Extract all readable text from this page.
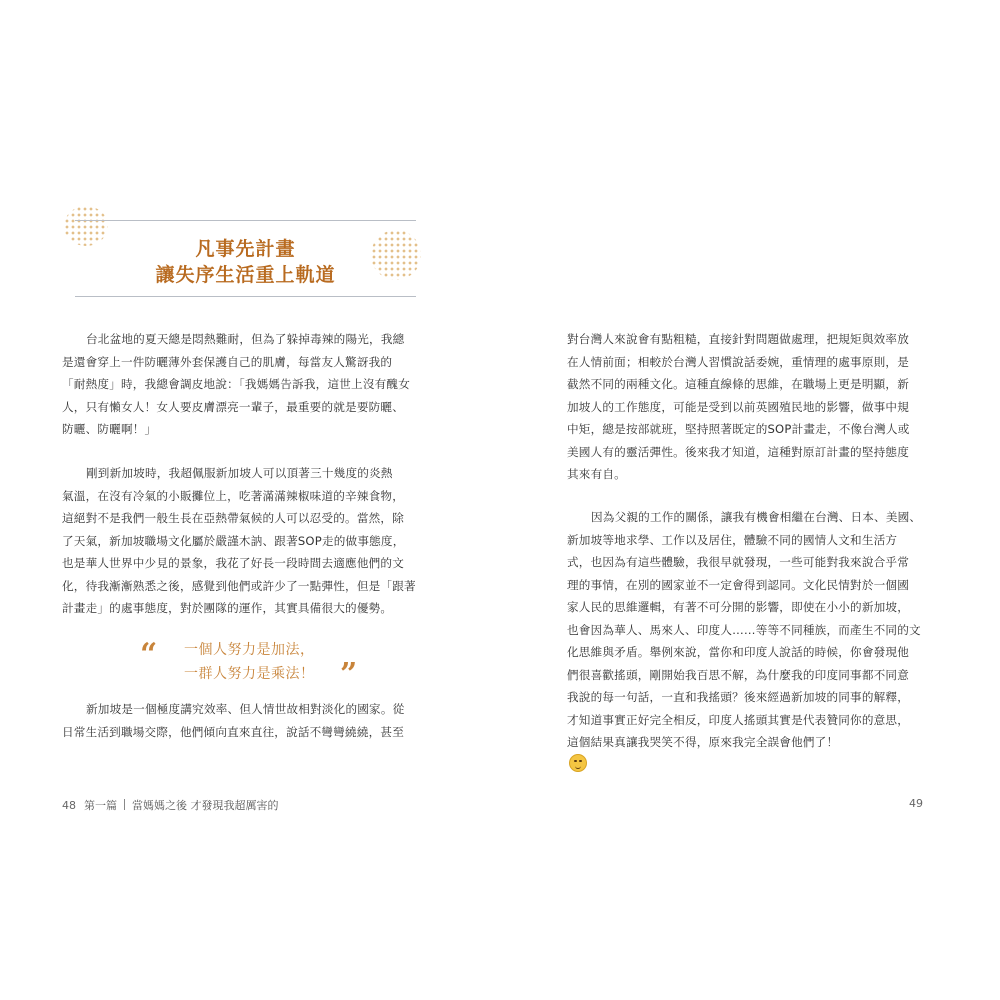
凡事先計畫
讓失序生活重上軌道

台北盆地的夏天總是悶熱難耐，但為了躲掉毒辣的陽光，我總
是還會穿上一件防曬薄外套保護自己的肌膚，每當友人驚訝我的
「耐熱度」時，我總會調皮地說：「我媽媽告訴我，這世上沒有醜女
人，只有懶女人！女人要皮膚漂亮一輩子，最重要的就是要防曬、
防曬、防曬啊！」

剛到新加坡時，我超佩服新加坡人可以頂著三十幾度的炎熱
氣溫，在沒有冷氣的小販攤位上，吃著滿滿辣椒味道的辛辣食物，
這絕對不是我們一般生長在亞熱帶氣候的人可以忍受的。當然，除
了天氣，新加坡職場文化屬於嚴謹木訥、跟著SOP走的做事態度，
也是華人世界中少見的景象，我花了好長一段時間去適應他們的文
化，待我漸漸熟悉之後，感覺到他們或許少了一點彈性，但是「跟著
計畫走」的處事態度，對於團隊的運作，其實具備很大的優勢。

“ 一個人努力是加法，
一群人努力是乘法！ ”

新加坡是一個極度講究效率、但人情世故相對淡化的國家。從
日常生活到職場交際，他們傾向直來直往，說話不彎彎繞繞，甚至

48 第一篇 當媽媽之後 才發現我超厲害的

對台灣人來說會有點粗糙，直接針對問題做處理，把規矩與效率放
在人情前面；相較於台灣人習慣說話委婉，重情理的處事原則，是
截然不同的兩種文化。這種直線條的思維，在職場上更是明顯，新
加坡人的工作態度，可能是受到以前英國殖民地的影響，做事中規
中矩，總是按部就班，堅持照著既定的SOP計畫走，不像台灣人或
美國人有的靈活彈性。後來我才知道，這種對原訂計畫的堅持態度
其來有自。

因為父親的工作的關係，讓我有機會相繼在台灣、日本、美國、
新加坡等地求學、工作以及居住，體驗不同的國情人文和生活方
式，也因為有這些體驗，我很早就發現，一些可能對我來說合乎常
理的事情，在別的國家並不一定會得到認同。文化民情對於一個國
家人民的思維邏輯，有著不可分開的影響，即使在小小的新加坡，
也會因為華人、馬來人、印度人……等等不同種族，而產生不同的文
化思維與矛盾。舉例來說，當你和印度人說話的時候，你會發現他
們很喜歡搖頭，剛開始我百思不解，為什麼我的印度同事都不同意
我說的每一句話，一直和我搖頭？後來經過新加坡的同事的解釋，
才知道事實正好完全相反，印度人搖頭其實是代表贊同你的意思，
這個結果真讓我哭笑不得，原來我完全誤會他們了！

49
